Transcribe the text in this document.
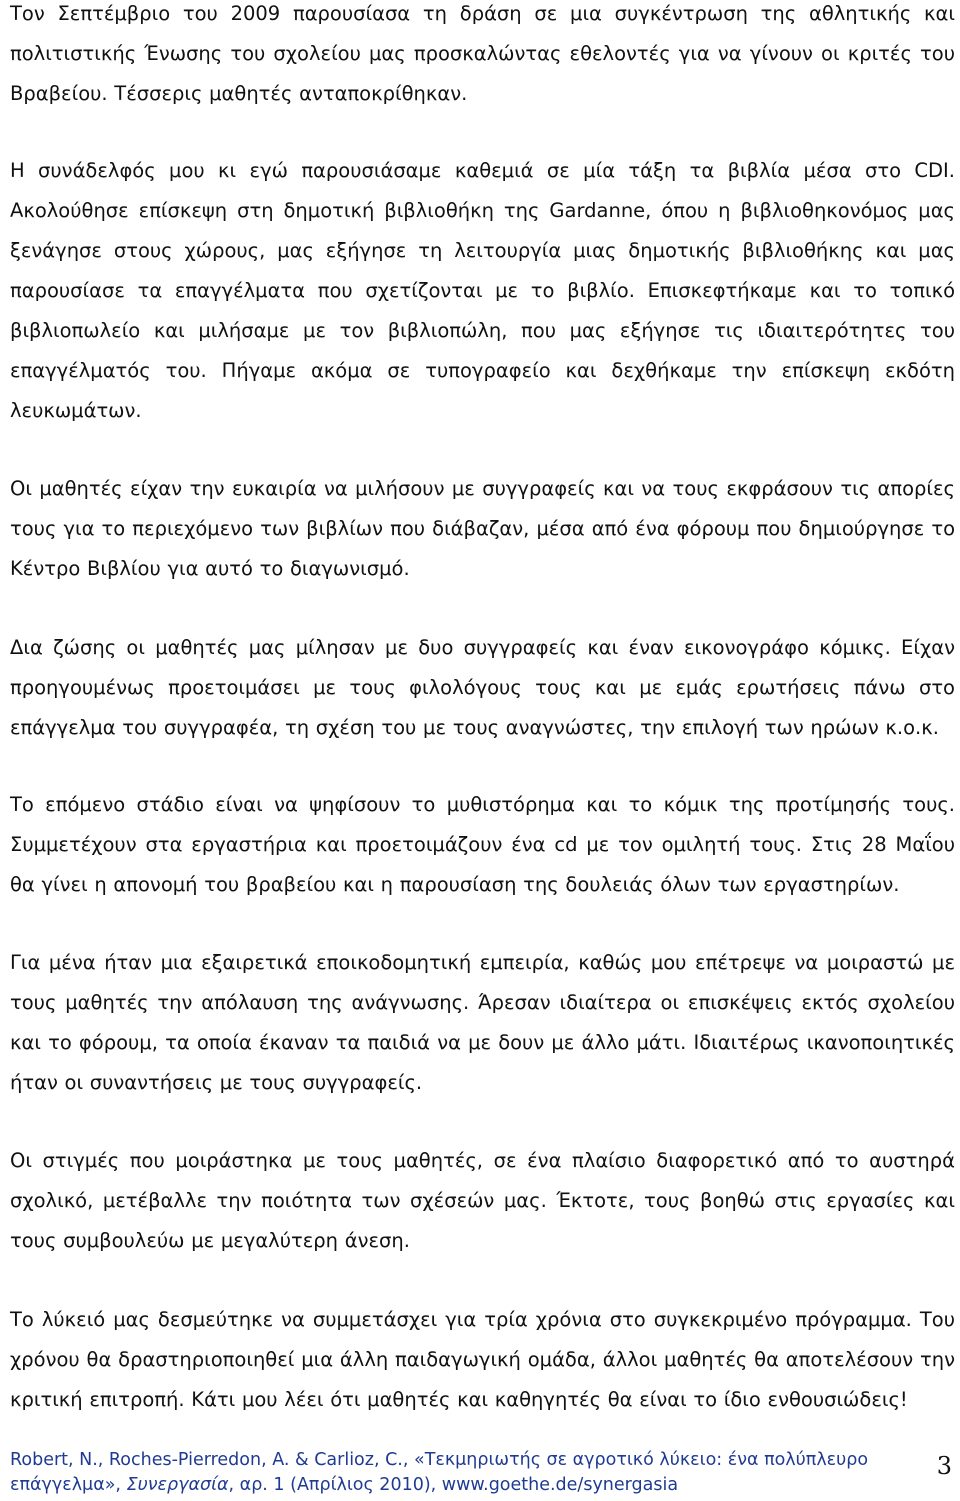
Τον Σεπτέμβριο του 2009 παρουσίασα τη δράση σε μια συγκέντρωση της αθλητικής και πολιτιστικής Ένωσης του σχολείου μας προσκαλώντας εθελοντές για να γίνουν οι κριτές του Βραβείου. Τέσσερις μαθητές ανταποκρίθηκαν.

Η συνάδελφός μου κι εγώ παρουσιάσαμε καθεμιά σε μία τάξη τα βιβλία μέσα στο CDI. Ακολούθησε επίσκεψη στη δημοτική βιβλιοθήκη της Gardanne, όπου η βιβλιοθηκονόμος μας ξενάγησε στους χώρους, μας εξήγησε τη λειτουργία μιας δημοτικής βιβλιοθήκης και μας παρουσίασε τα επαγγέλματα που σχετίζονται με το βιβλίο. Επισκεφτήκαμε και το τοπικό βιβλιοπωλείο και μιλήσαμε με τον βιβλιοπώλη, που μας εξήγησε τις ιδιαιτερότητες του επαγγέλματός του. Πήγαμε ακόμα σε τυπογραφείο και δεχθήκαμε την επίσκεψη εκδότη λευκωμάτων.

Οι μαθητές είχαν την ευκαιρία να μιλήσουν με συγγραφείς και να τους εκφράσουν τις απορίες τους για το περιεχόμενο των βιβλίων που διάβαζαν, μέσα από ένα φόρουμ που δημιούργησε το Κέντρο Βιβλίου για αυτό το διαγωνισμό.

Δια ζώσης οι μαθητές μας μίλησαν με δυο συγγραφείς και έναν εικονογράφο κόμικς. Είχαν προηγουμένως προετοιμάσει με τους φιλολόγους τους και με εμάς ερωτήσεις πάνω στο επάγγελμα του συγγραφέα, τη σχέση του με τους αναγνώστες, την επιλογή των ηρώων κ.ο.κ.

Το επόμενο στάδιο είναι να ψηφίσουν το μυθιστόρημα και το κόμικ της προτίμησής τους. Συμμετέχουν στα εργαστήρια και προετοιμάζουν ένα cd με τον ομιλητή τους. Στις 28 Μαΐου θα γίνει η απονομή του βραβείου και η παρουσίαση της δουλειάς όλων των εργαστηρίων.

Για μένα ήταν μια εξαιρετικά εποικοδομητική εμπειρία, καθώς μου επέτρεψε να μοιραστώ με τους μαθητές την απόλαυση της ανάγνωσης. Άρεσαν ιδιαίτερα οι επισκέψεις εκτός σχολείου και το φόρουμ, τα οποία έκαναν τα παιδιά να με δουν με άλλο μάτι. Ιδιαιτέρως ικανοποιητικές ήταν οι συναντήσεις με τους συγγραφείς.

Οι στιγμές που μοιράστηκα με τους μαθητές, σε ένα πλαίσιο διαφορετικό από το αυστηρά σχολικό, μετέβαλλε την ποιότητα των σχέσεών μας. Έκτοτε, τους βοηθώ στις εργασίες και τους συμβουλεύω με μεγαλύτερη άνεση.

Το λύκειό μας δεσμεύτηκε να συμμετάσχει για τρία χρόνια στο συγκεκριμένο πρόγραμμα. Του χρόνου θα δραστηριοποιηθεί μια άλλη παιδαγωγική ομάδα, άλλοι μαθητές θα αποτελέσουν την κριτική επιτροπή. Κάτι μου λέει ότι μαθητές και καθηγητές θα είναι το ίδιο ενθουσιώδεις!

Robert, N., Roches-Pierredon, A. & Carlioz, C., «Τεκμηριωτής σε αγροτικό λύκειο: ένα πολύπλευρο
επάγγελμα», Συνεργασία, αρ. 1 (Απρίλιος 2010), www.goethe.de/synergasia
3
